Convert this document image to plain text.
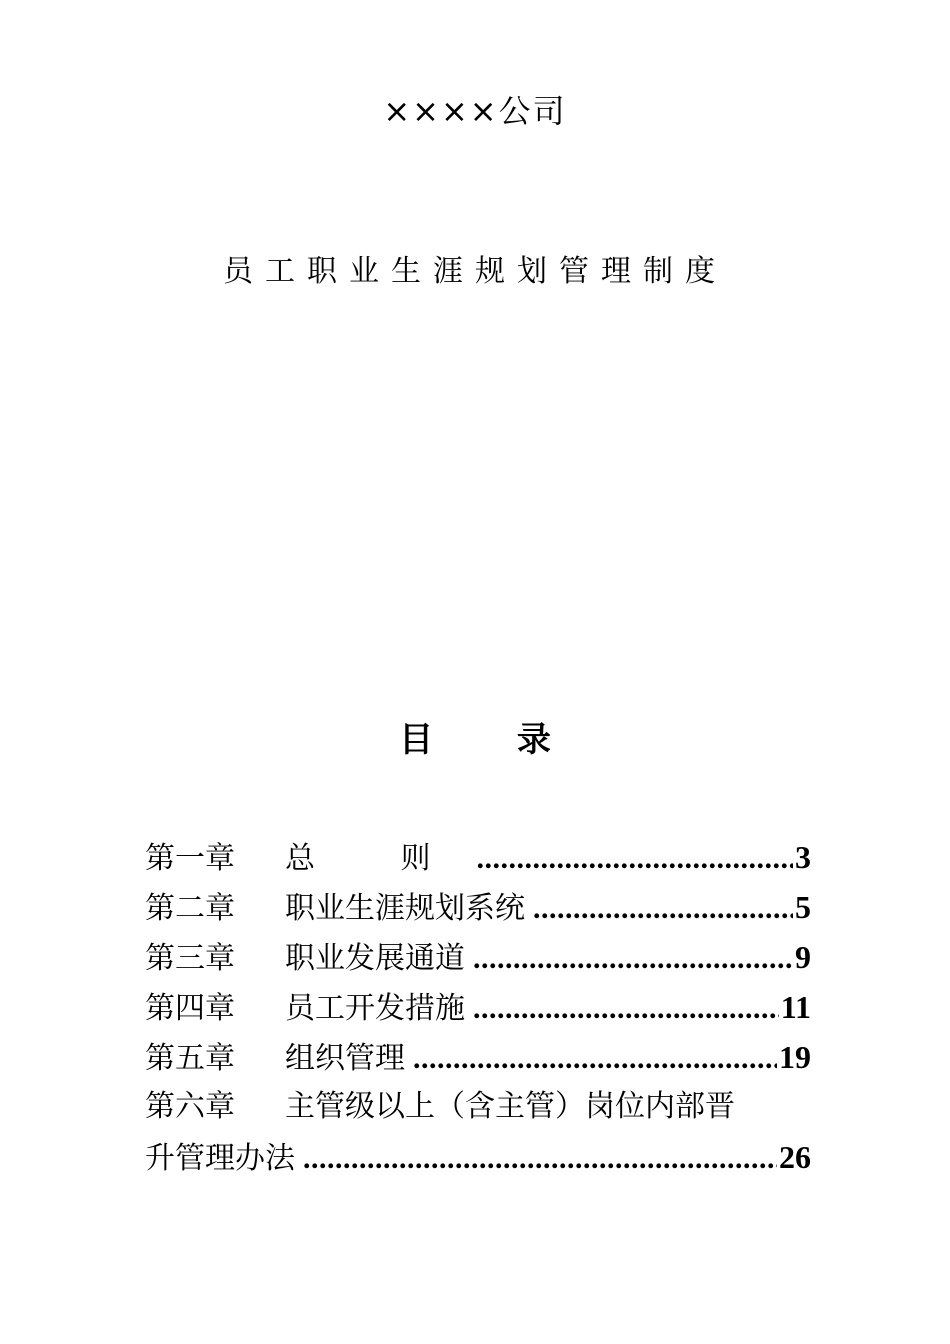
××××公司
员工职业生涯规划管理制度
目 录
第一章	总 则 .....	3
第二章	职业生涯规划系统 .....	5
第三章	职业发展通道 .....	9
第四章	员工开发措施 .....	11
第五章	组织管理 .....	19
第六章 主管级以上（含主管）岗位内部晋
升管理办法 .....	26
